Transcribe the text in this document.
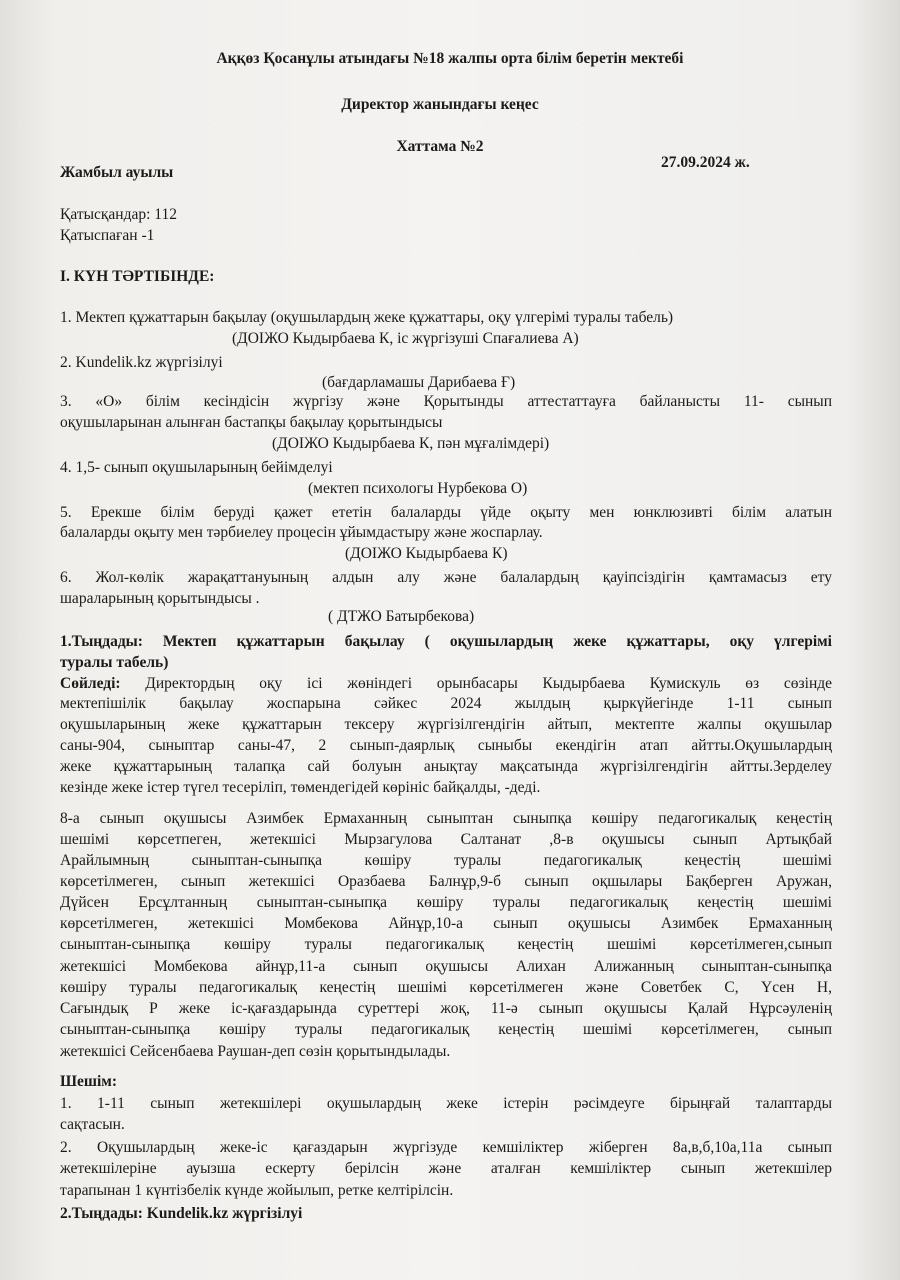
Аққөз Қосанұлы атындағы №18 жалпы орта білім беретін мектебі
Директор жанындағы кеңес
Хаттама №2
Жамбыл ауылы
27.09.2024 ж.
Қатысқандар: 112
Қатыспаған -1
І. КҮН ТӘРТІБІНДЕ:
1. Мектеп құжаттарын бақылау (оқушылардың жеке құжаттары, оқу үлгерімі туралы табель)
(ДОІЖО Кыдырбаева К, іс жүргізуші Спағалиева А)
2. Kundelik.kz жүргізілуі
(бағдарламашы Дарибаева Ғ)
3. «О» білім кесіндісін жүргізу және Қорытынды аттестаттауға байланысты 11- сынып
оқушыларынан алынған бастапқы бақылау қорытындысы
(ДОІЖО Кыдырбаева К, пән мұғалімдері)
4. 1,5- сынып оқушыларының бейімделуі
(мектеп психологы Нурбекова О)
5. Ерекше білім беруді қажет ететін балаларды үйде оқыту мен юнклюзивті білім алатын
балаларды оқыту мен тәрбиелеу процесін ұйымдастыру және жоспарлау.
(ДОІЖО Кыдырбаева К)
6. Жол-көлік жарақаттануының алдын алу және балалардың қауіпсіздігін қамтамасыз ету
шараларының қорытындысы .
( ДТЖО Батырбекова)
1.Тыңдады: Мектеп құжаттарын бақылау ( оқушылардың жеке құжаттары, оқу үлгерімі
туралы табель)
Сөйледі: Директордың оқу ісі жөніндегі орынбасары Кыдырбаева Кумискуль өз сөзінде
мектепішілік бақылау жоспарына сәйкес 2024 жылдың қыркүйегінде 1-11 сынып
оқушыларының жеке құжаттарын тексеру жүргізілгендігін айтып, мектепте жалпы оқушылар
саны-904, сыныптар саны-47, 2 сынып-даярлық сыныбы екендігін атап айтты.Оқушылардың
жеке құжаттарының талапқа сай болуын анықтау мақсатында жүргізілгендігін айтты.Зерделеу
кезінде жеке істер түгел тесеріліп, төмендегідей көрініс байқалды, -деді.
8-а сынып оқушысы Азимбек Ермаханның сыныптан сыныпқа көшіру педагогикалық кеңестің
шешімі көрсетпеген, жетекшісі Мырзагулова Салтанат ,8-в оқушысы сынып Артықбай
Арайлымның сыныптан-сыныпқа көшіру туралы педагогикалық кеңестің шешімі
көрсетілмеген, сынып жетекшісі Оразбаева Балнұр,9-б сынып оқшылары Бақберген Аружан,
Дүйсен Ерсұлтанның сыныптан-сыныпқа көшіру туралы педагогикалық кеңестің шешімі
көрсетілмеген, жетекшісі Момбекова Айнұр,10-а сынып оқушысы Азимбек Ермаханның
сыныптан-сыныпқа көшіру туралы педагогикалық кеңестің шешімі көрсетілмеген,сынып
жетекшісі Момбекова айнұр,11-а сынып оқушысы Алихан Алижанның сыныптан-сыныпқа
көшіру туралы педагогикалық кеңестің шешімі көрсетілмеген және Советбек С, Үсен Н,
Сағындық Р жеке іс-қағаздарында суреттері жоқ, 11-ә сынып оқушысы Қалай Нұрсәуленің
сыныптан-сыныпқа көшіру туралы педагогикалық кеңестің шешімі көрсетілмеген, сынып
жетекшісі Сейсенбаева Раушан-деп сөзін қорытындылады.
Шешім:
1. 1-11 сынып жетекшілері оқушылардың жеке істерін рәсімдеуге бірыңғай талаптарды
сақтасын.
2. Оқушылардың жеке-іс қағаздарын жүргізуде кемшіліктер жіберген 8а,в,б,10а,11а сынып
жетекшілеріне ауызша ескерту берілсін және аталған кемшіліктер сынып жетекшілер
тарапынан 1 күнтізбелік күнде жойылып, ретке келтірілсін.
2.Тыңдады: Kundelik.kz жүргізілуі
